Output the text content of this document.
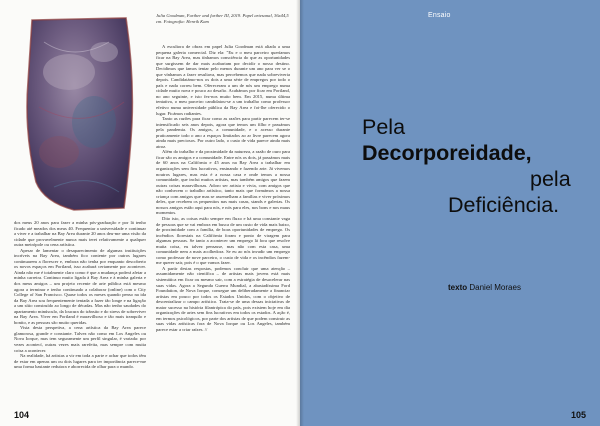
Julia Goodman, Further and further III, 2019. Papel artesanal, 36x44,5 cm. Fotografia: Henrik Kam

dos meus 20 anos para fazer a minha pós-graduação e por lá tenho ficado até meados dos meus 40. Frequentar a universidade e continuar a viver e a trabalhar na Bay Area durante 20 anos deu-me uma visão da cidade que provavelmente nunca mais terei relativamente a qualquer outra metrópole ou cena artística.

Apesar de lamentar o desaparecimento de algumas instituições incríveis na Bay Area, também fico contente por outros lugares continuarem a florescer e, embora não tenha por enquanto descoberto os novos espaços em Portland, isso acabará certamente por acontecer. Ainda não me é totalmente claro como é que a mudança poderá afetar a minha carreira. Continuo muito ligada à Bay Area e à minha galeria e dos meus amigos – um projeto recente de arte pública está mesmo agora a terminar e tenho continuado a colaborar (online) com o City College of San Francisco. Quase todos os meses quando penso na ida da Bay Area sou frequentemente tentada a fazer tão longe e na ligação a um sítio construído ao longo de décadas. Mas não tenho saudades do apartamento minúsculo, da loucura do trânsito e do stress de sobreviver na Bay Area. Viver em Portland é maravilhoso e tão mais tranquilo e bonito, e as pessoas são muito queridas.

Vista desta perspetiva, a cena artística da Bay Area parece glamorosa, grande e constante. Talvez não como em Los Angeles ou Nova Iorque, mas tem seguramente um perfil singular, é variada: por vezes acontecí, outras vezes mais rarefeita, mas sempre com muita coisa a acontecer.

Na realidade, há artistas a vir em toda a parte e achar que todos têm de estar em apenas um ou dois lugares para ter importância parece-me uma forma bastante redutora e aborrecida de olhar para o mundo.

A escultora de obras em papel Julia Goodman está aliada a uma pequena galeria comercial. Diz ela: "Eu e o meu parceiro queríamos ficar na Bay Area, mas tínhamos consciência do que as oportunidades que surgissem de dar mais acabariam por decidir o nosso destino. Decidimos que íamos tentar pelo menos durante um ano para ver se o que vínhamos a fazer resultava, mas percebemos que nada sobreviveria depois. Candidatámo-nos os dois a uma série de empregos por todo o país e nada correu bem. Ofereceram a um de nós um emprego numa cidade muito nova e pouco ao desafio. Acabámos por ficar em Portland, no ano seguinte, e isto fez-nos muito bem. Em 2015, numa última tentativa, o meu parceiro candidatou-se a um trabalho como professor efetivo numa universidade pública da Bay Area e foi-lhe oferecido o lugar. Ficámos radiantes.

Tanto as razões para ficar como as razões para partir parecem ter-se intensificado seis anos depois, agora que temos um filho e passámos pela pandemia. Os amigos, a comunidade, e o acesso durante praticamente todo o ano a espaços limitados ao ar livre parecem agora ainda mais preciosos. Por outro lado, o custo de vida parece ainda mais atroz.

Além do trabalho e da proximidade da natureza, a razão de ouro para ficar são os amigos e a comunidade. Entre nós os dois, já passámos mais de 60 anos na Califórnia e 45 anos na Bay Area a trabalhar em organizações sem fins lucrativos, ensinando e fazendo arte. Já vivemos noutros lugares, mas esta é a nossa casa e onde temos a nossa comunidade, que inclui muitos artistas, mas também amigos que fazem outras coisas maravilhosas. Adoro ser artista e vivia, com amigos que não conhecem o trabalho artístico, tanto mais que formámos a nossa criança com amigos que mas se assemelham a famílias e viver próximos deles, que recebem os pequenitos nas mais casas, stands e galerias. Os nossos amigos estão aqui para nós, e nós para eles, nos bons e nos maus momentos.

Dito isto, as coisas estão sempre em fluxo e há uma constante vaga de pessoas que se vai embora em busca de um custo de vida mais baixo, de proximidade com a família, de boas oportunidades de emprego. Os incêndios florestais na Califórnia foram e ponto de viragem para algumas pessoas. Se tanto a acontecer um emprego lá fora que resolve muita coisa, eu talvez pensasse, mas não com esta casa, uma comunidade nem a mais acolhedora. Se eu ao nós invadir um emprego como professor de nove parceiro, o custo de vida e os incêndios fazem-me querer sair, pois é o que vamos fazer.

A partir destas respostas, podemos concluir que uma atenção – assumidamente não científica – de artistas mais jovens está mais sistemática em ficar ou mesmo sair, com a estratégia de desacelerar nas suas vidas. Agora a Segunda Guerra Mundial, a abastadíssima Ford Foundation, de Nova Iorque, consegue um deliberadamente a financiar artistas em pouco por todos os Estados Unidos, com o objetivo de descentralizar o campo artístico. Trata-se de uma dessas iniciativas de maior sucesso na história filantrópica do país, pois existem hoje em dia organizações de artes sem fins lucrativos em todos os estados. A ação é, em termos psicológicos, por parte dos artistas de que podem construir as suas vidas artísticas fora de Nova Iorque ou Los Angeles, também parece estar a criar raízes. //

104
Ensaio
Pela
Decorporeidade,
pela
Deficiência.
texto Daniel Moraes
105
